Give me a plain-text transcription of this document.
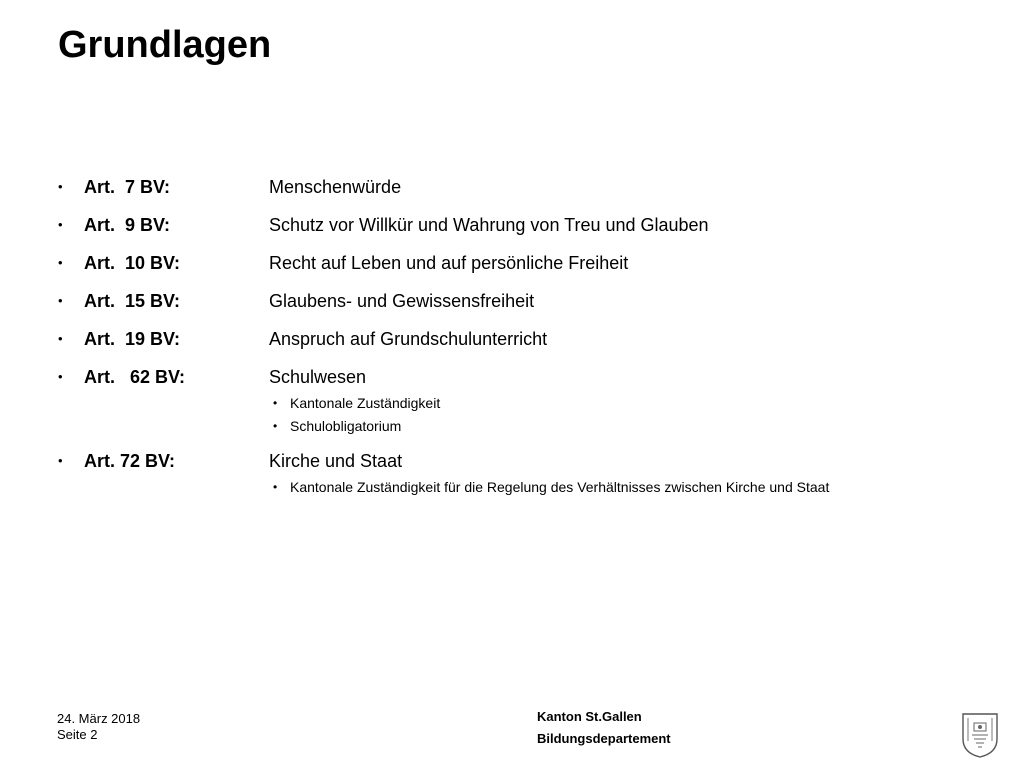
Grundlagen
• Art.  7 BV:	Menschenwürde
• Art.  9 BV:	Schutz vor Willkür und Wahrung von Treu und Glauben
• Art.  10 BV:	Recht auf Leben und auf persönliche Freiheit
• Art.  15 BV:	Glaubens- und Gewissensfreiheit
• Art.  19 BV:	Anspruch auf Grundschulunterricht
• Art.   62 BV:	Schulwesen
• Kantonale Zuständigkeit
• Schulobligatorium
• Art. 72 BV:	Kirche und Staat
• Kantonale Zuständigkeit für die Regelung des Verhältnisses zwischen Kirche und Staat
24. März 2018
Seite 2
Kanton St.Gallen
Bildungsdepartement
